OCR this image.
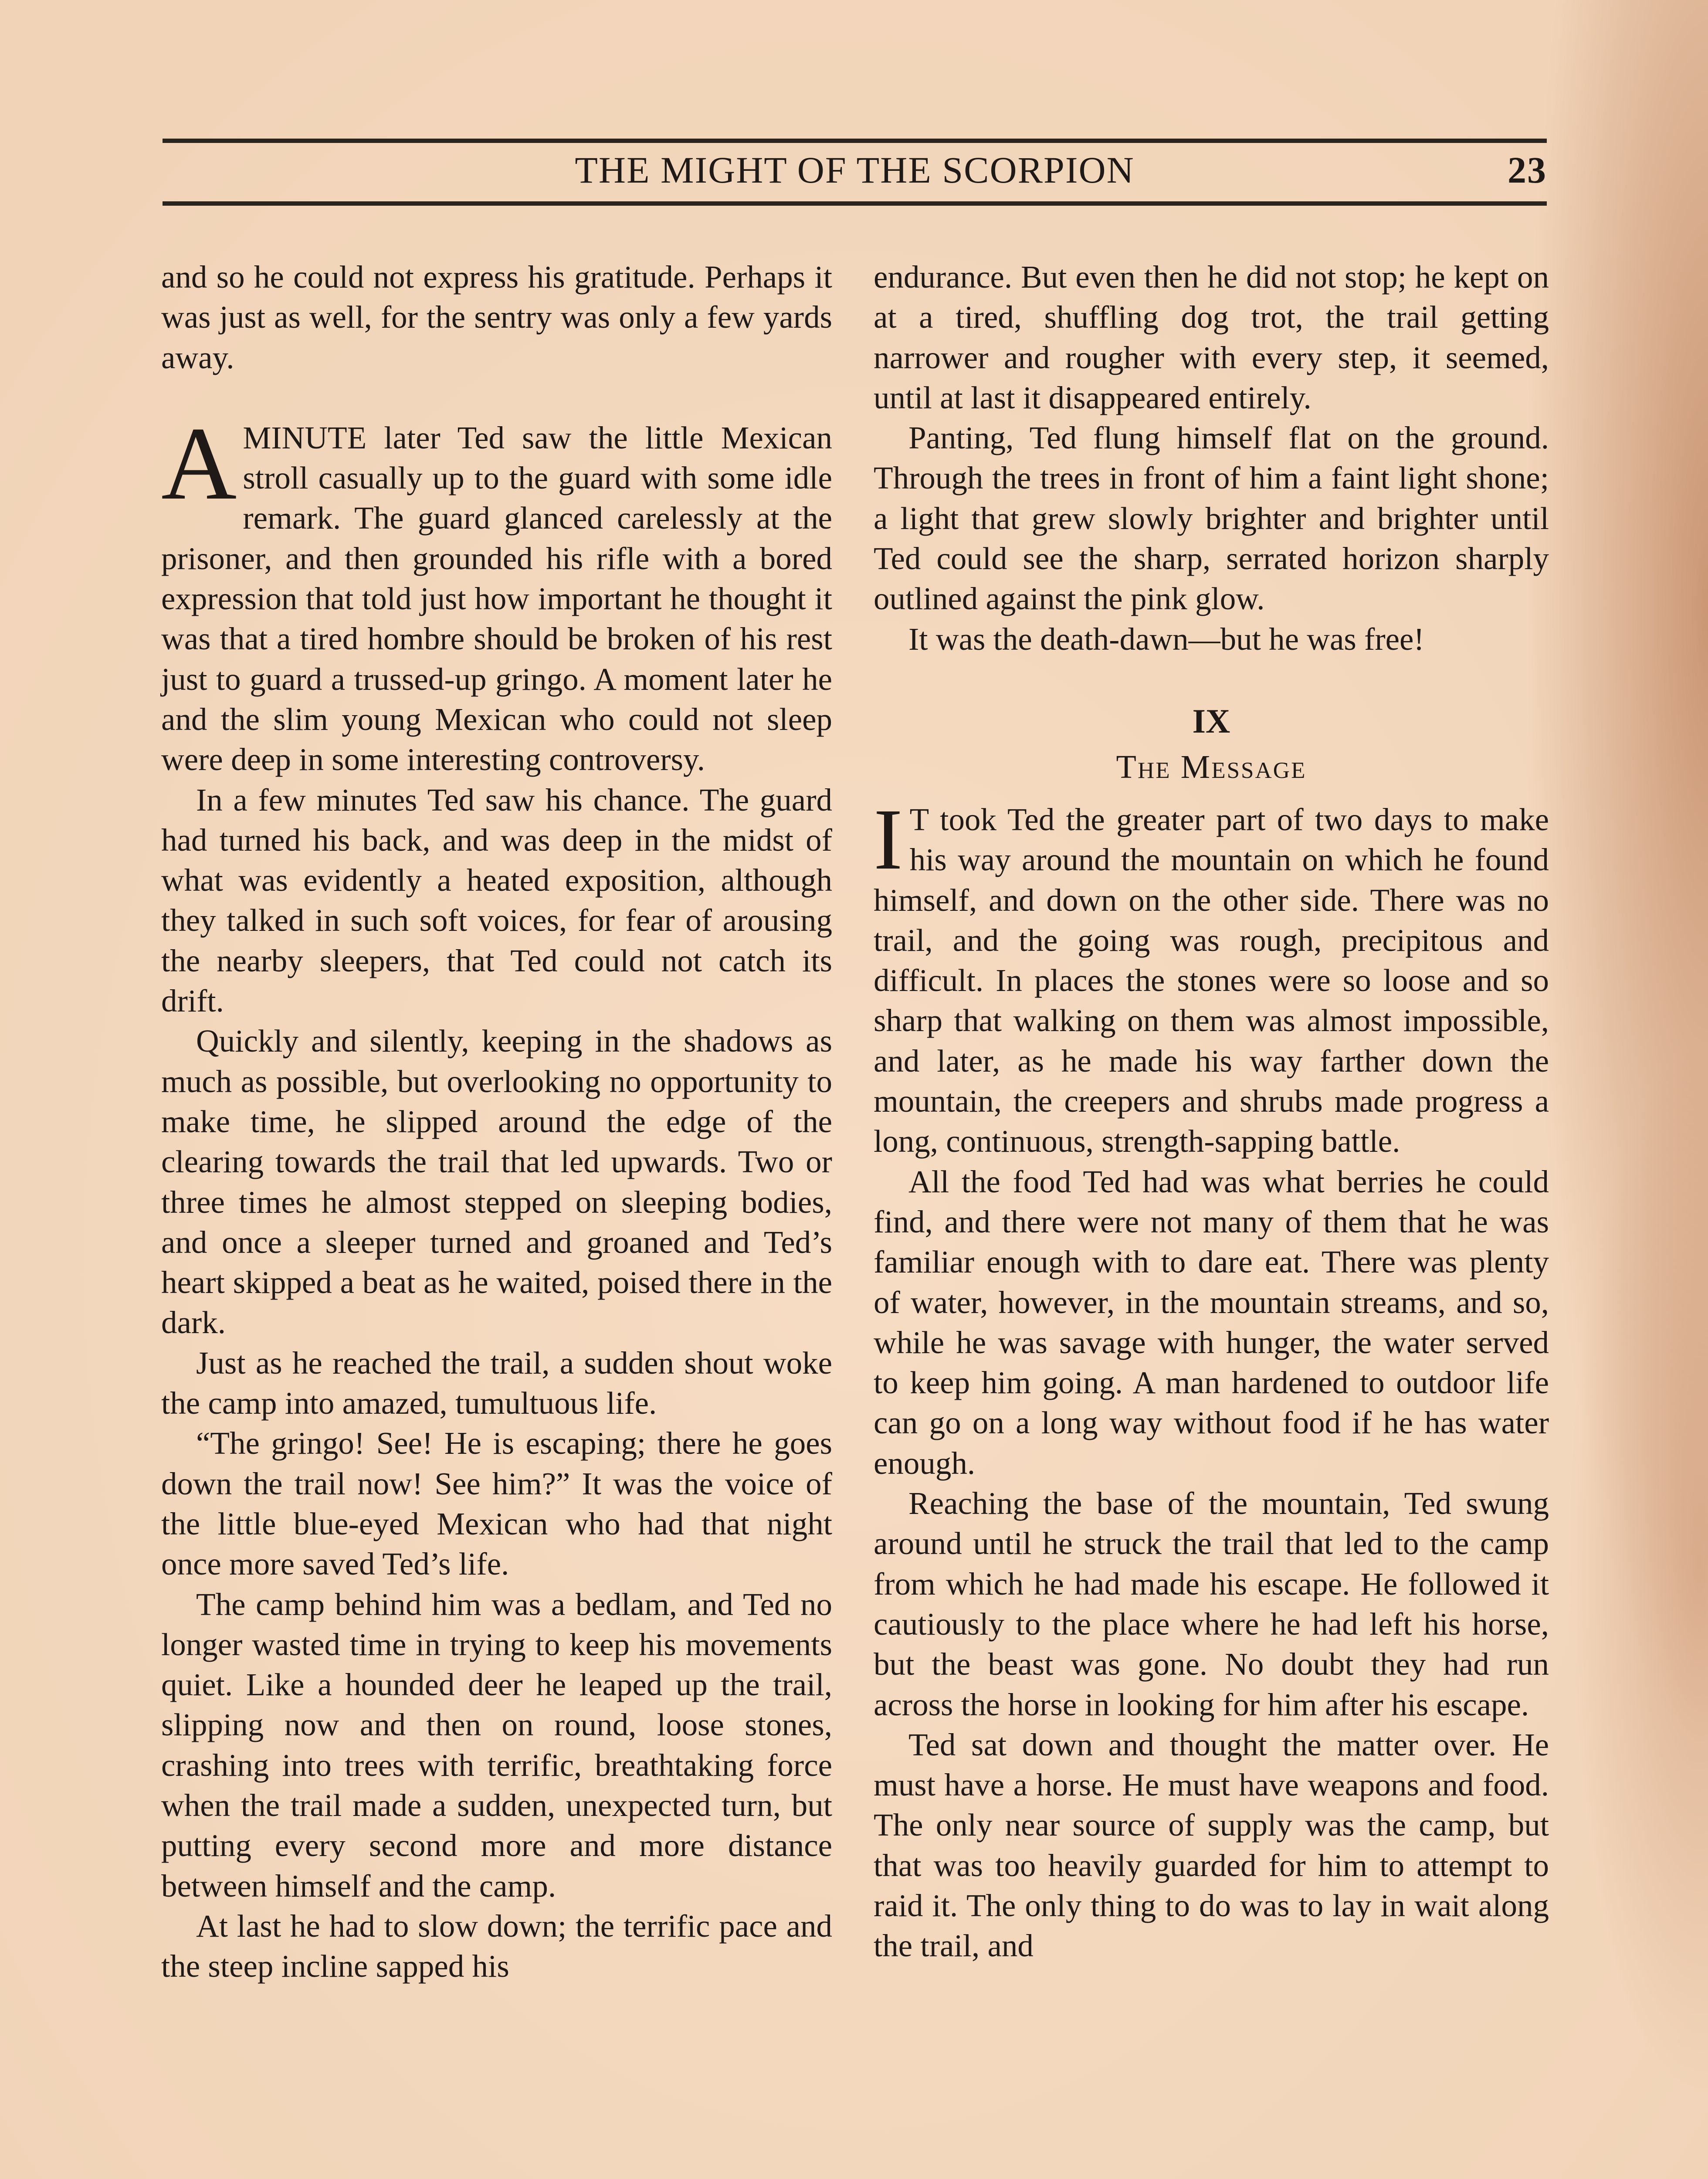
THE MIGHT OF THE SCORPION	23

and so he could not express his gratitude. Perhaps it was just as well, for the sentry was only a few yards away.

AMINUTE later Ted saw the little Mexican stroll casually up to the guard with some idle remark. The guard glanced carelessly at the prisoner, and then grounded his rifle with a bored expression that told just how important he thought it was that a tired hombre should be broken of his rest just to guard a trussed-up gringo. A moment later he and the slim young Mexican who could not sleep were deep in some interesting controversy.

In a few minutes Ted saw his chance. The guard had turned his back, and was deep in the midst of what was evidently a heated exposition, although they talked in such soft voices, for fear of arousing the nearby sleepers, that Ted could not catch its drift.

Quickly and silently, keeping in the shadows as much as possible, but overlooking no opportunity to make time, he slipped around the edge of the clearing towards the trail that led upwards. Two or three times he almost stepped on sleeping bodies, and once a sleeper turned and groaned and Ted’s heart skipped a beat as he waited, poised there in the dark.

Just as he reached the trail, a sudden shout woke the camp into amazed, tumultuous life.

“The gringo! See! He is escaping; there he goes down the trail now! See him?” It was the voice of the little blue-eyed Mexican who had that night once more saved Ted’s life.

The camp behind him was a bedlam, and Ted no longer wasted time in trying to keep his movements quiet. Like a hounded deer he leaped up the trail, slipping now and then on round, loose stones, crashing into trees with terrific, breathtaking force when the trail made a sudden, unexpected turn, but putting every second more and more distance between himself and the camp.

At last he had to slow down; the terrific pace and the steep incline sapped his

endurance. But even then he did not stop; he kept on at a tired, shuffling dog trot, the trail getting narrower and rougher with every step, it seemed, until at last it disappeared entirely.

Panting, Ted flung himself flat on the ground. Through the trees in front of him a faint light shone; a light that grew slowly brighter and brighter until Ted could see the sharp, serrated horizon sharply outlined against the pink glow.

It was the death-dawn—but he was free!

IX
The Message

I T took Ted the greater part of two days to make his way around the mountain on which he found himself, and down on the other side. There was no trail, and the going was rough, precipitous and difficult. In places the stones were so loose and so sharp that walking on them was almost impossible, and later, as he made his way farther down the mountain, the creepers and shrubs made progress a long, continuous, strength-sapping battle.

All the food Ted had was what berries he could find, and there were not many of them that he was familiar enough with to dare eat. There was plenty of water, however, in the mountain streams, and so, while he was savage with hunger, the water served to keep him going. A man hardened to outdoor life can go on a long way without food if he has water enough.

Reaching the base of the mountain, Ted swung around until he struck the trail that led to the camp from which he had made his escape. He followed it cautiously to the place where he had left his horse, but the beast was gone. No doubt they had run across the horse in looking for him after his escape.

Ted sat down and thought the matter over. He must have a horse. He must have weapons and food. The only near source of supply was the camp, but that was too heavily guarded for him to attempt to raid it. The only thing to do was to lay in wait along the trail, and
